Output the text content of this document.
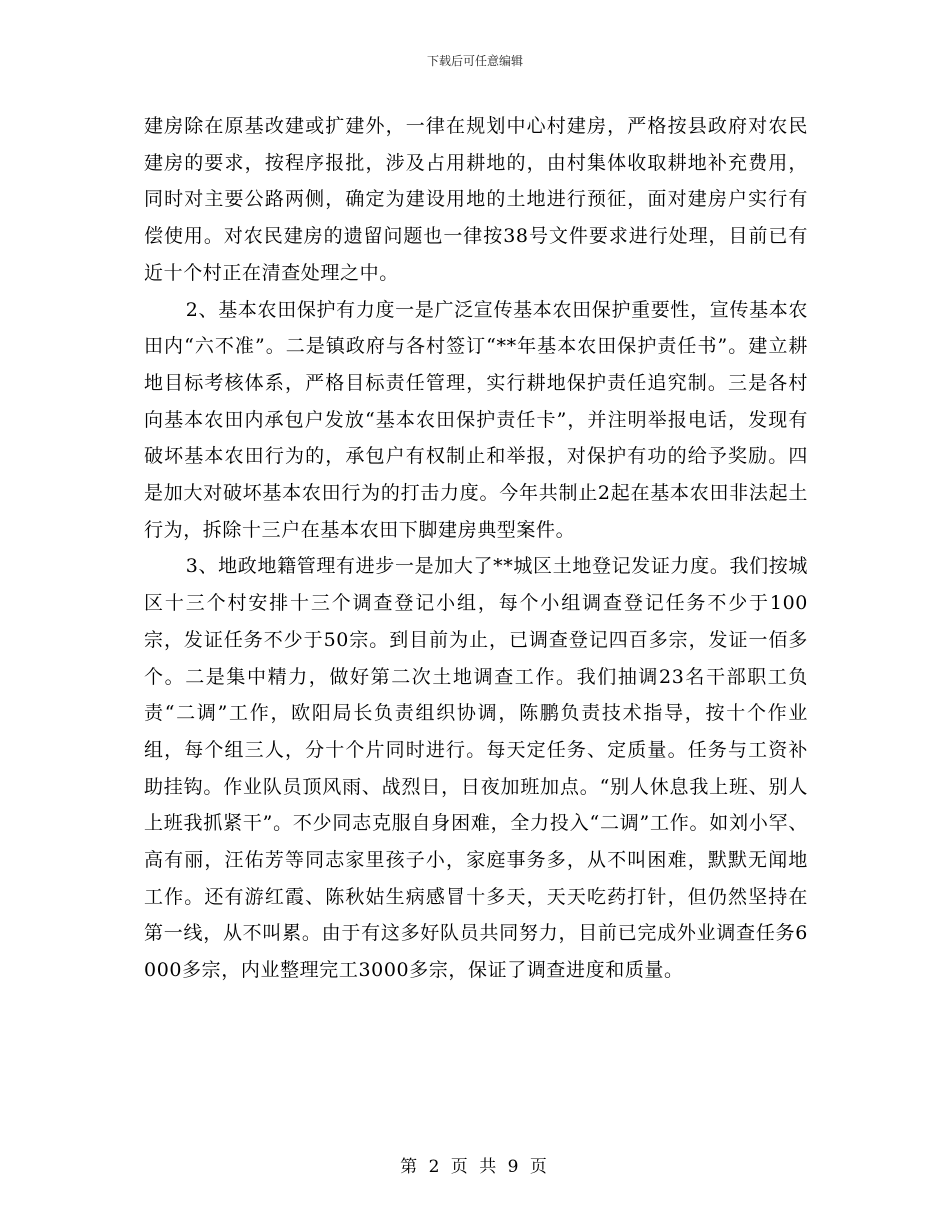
下载后可任意编辑

建房除在原基改建或扩建外，一律在规划中心村建房，严格按县政府对农民建房的要求，按程序报批，涉及占用耕地的，由村集体收取耕地补充费用，同时对主要公路两侧，确定为建设用地的土地进行预征，面对建房户实行有偿使用。对农民建房的遗留问题也一律按38号文件要求进行处理，目前已有近十个村正在清查处理之中。

2、基本农田保护有力度一是广泛宣传基本农田保护重要性，宣传基本农田内“六不准”。二是镇政府与各村签订“**年基本农田保护责任书”。建立耕地目标考核体系，严格目标责任管理，实行耕地保护责任追究制。三是各村向基本农田内承包户发放“基本农田保护责任卡”，并注明举报电话，发现有破坏基本农田行为的，承包户有权制止和举报，对保护有功的给予奖励。四是加大对破坏基本农田行为的打击力度。今年共制止2起在基本农田非法起土行为，拆除十三户在基本农田下脚建房典型案件。

3、地政地籍管理有进步一是加大了**城区土地登记发证力度。我们按城区十三个村安排十三个调查登记小组，每个小组调查登记任务不少于100宗，发证任务不少于50宗。到目前为止，已调查登记四百多宗，发证一佰多个。二是集中精力，做好第二次土地调查工作。我们抽调23名干部职工负责“二调”工作，欧阳局长负责组织协调，陈鹏负责技术指导，按十个作业组，每个组三人，分十个片同时进行。每天定任务、定质量。任务与工资补助挂钩。作业队员顶风雨、战烈日，日夜加班加点。“别人休息我上班、别人上班我抓紧干”。不少同志克服自身困难，全力投入“二调”工作。如刘小罕、高有丽，汪佑芳等同志家里孩子小，家庭事务多，从不叫困难，默默无闻地工作。还有游红霞、陈秋姑生病感冒十多天，天天吃药打针，但仍然坚持在第一线，从不叫累。由于有这多好队员共同努力，目前已完成外业调查任务6000多宗，内业整理完工3000多宗，保证了调查进度和质量。

第 2 页 共 9 页
